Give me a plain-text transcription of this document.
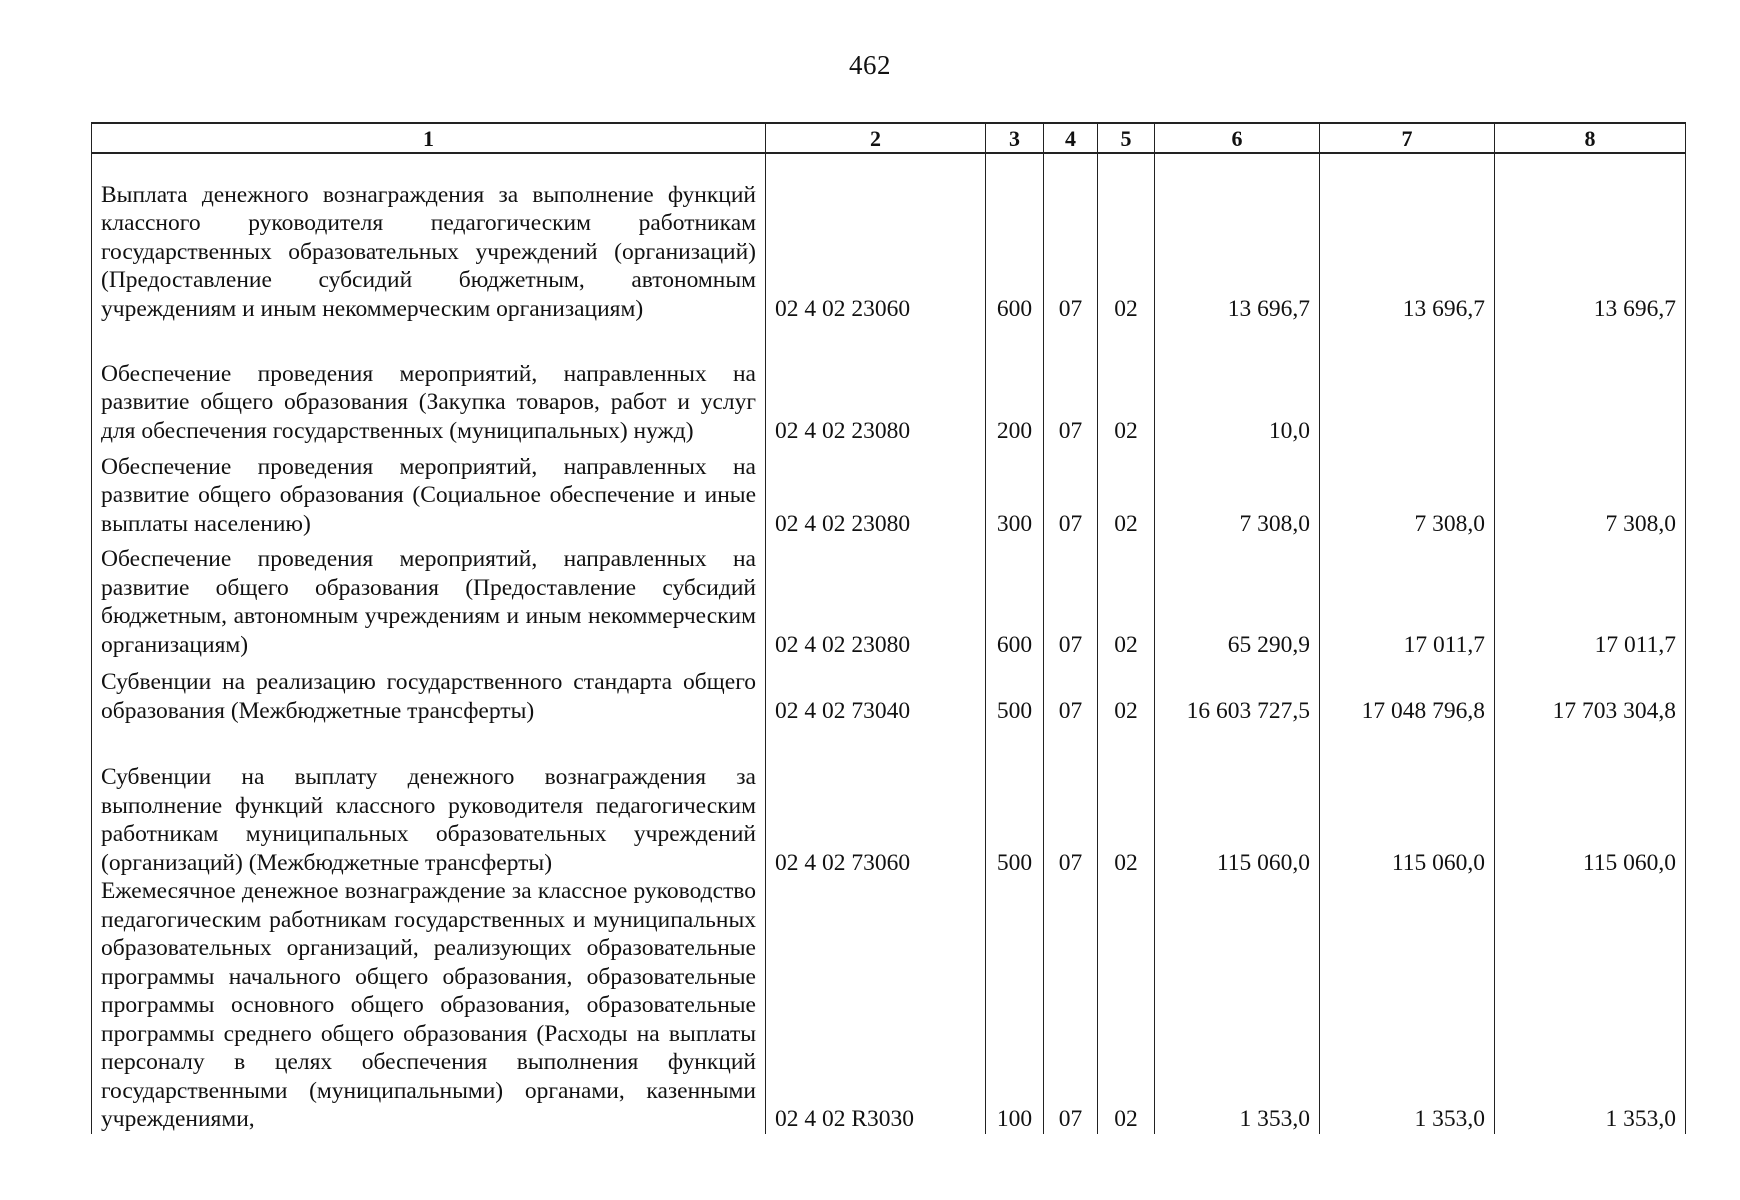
462
1	2	3	4	5	6	7	8
Выплата денежного вознаграждения за выполнение функций классного руководителя педагогическим работникам государственных образовательных учреждений (организаций) (Предоставление субсидий бюджетным, автономным учреждениям и иным некоммерческим организациям)	02 4 02 23060	600	07	02	13 696,7	13 696,7	13 696,7
Обеспечение проведения мероприятий, направленных на развитие общего образования (Закупка товаров, работ и услуг для обеспечения государственных (муниципальных) нужд)	02 4 02 23080	200	07	02	10,0		
Обеспечение проведения мероприятий, направленных на развитие общего образования (Социальное обеспечение и иные выплаты населению)	02 4 02 23080	300	07	02	7 308,0	7 308,0	7 308,0
Обеспечение проведения мероприятий, направленных на развитие общего образования (Предоставление субсидий бюджетным, автономным учреждениям и иным некоммерческим организациям)	02 4 02 23080	600	07	02	65 290,9	17 011,7	17 011,7
Субвенции на реализацию государственного стандарта общего образования (Межбюджетные трансферты)	02 4 02 73040	500	07	02	16 603 727,5	17 048 796,8	17 703 304,8
Субвенции на выплату денежного вознаграждения за выполнение функций классного руководителя педагогическим работникам муниципальных образовательных учреждений (организаций) (Межбюджетные трансферты)	02 4 02 73060	500	07	02	115 060,0	115 060,0	115 060,0
Ежемесячное денежное вознаграждение за классное руководство педагогическим работникам государственных и муниципальных образовательных организаций, реализующих образовательные программы начального общего образования, образовательные программы основного общего образования, образовательные программы среднего общего образования (Расходы на выплаты персоналу в целях обеспечения выполнения функций государственными (муниципальными) органами, казенными учреждениями,	02 4 02 R3030	100	07	02	1 353,0	1 353,0	1 353,0
